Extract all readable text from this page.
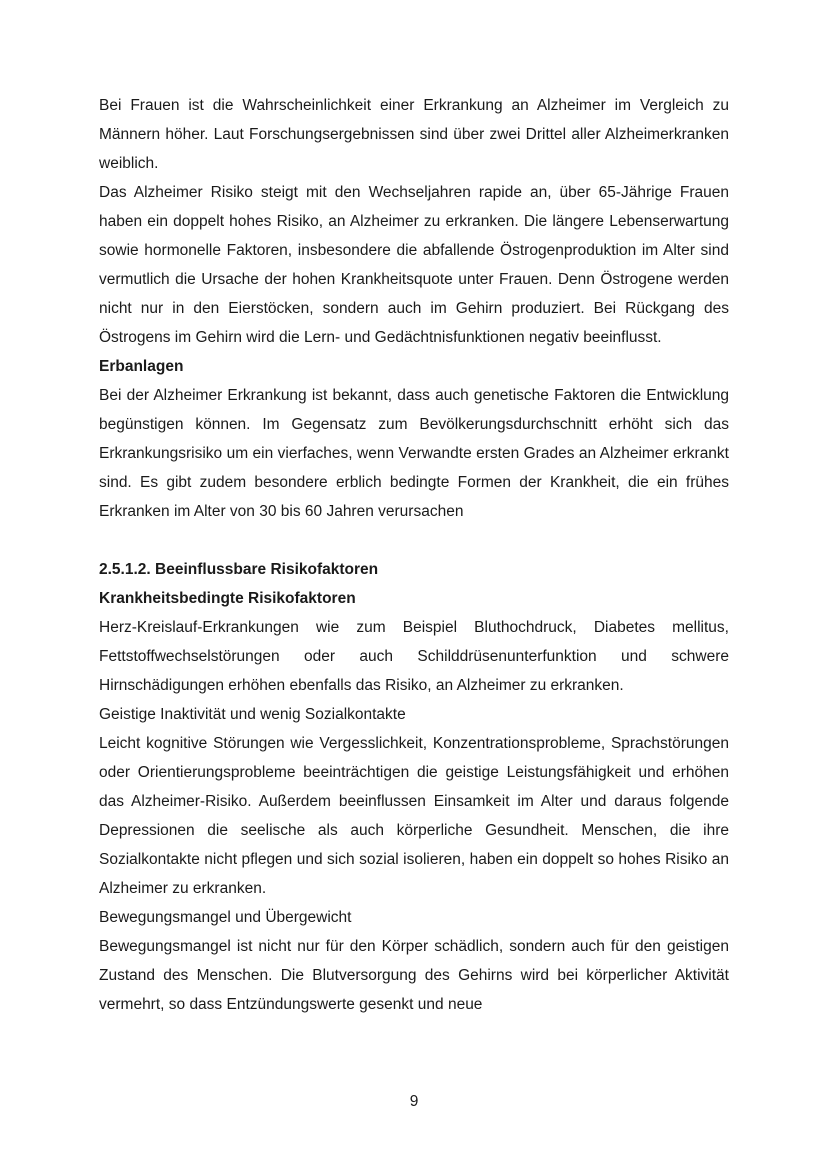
Bei Frauen ist die Wahrscheinlichkeit einer Erkrankung an Alzheimer im Vergleich zu Männern höher. Laut Forschungsergebnissen sind über zwei Drittel aller Alzheimerkranken weiblich.

Das Alzheimer Risiko steigt mit den Wechseljahren rapide an, über 65-Jährige Frauen haben ein doppelt hohes Risiko, an Alzheimer zu erkranken. Die längere Lebenserwartung sowie hormonelle Faktoren, insbesondere die abfallende Östrogenproduktion im Alter sind vermutlich die Ursache der hohen Krankheitsquote unter Frauen. Denn Östrogene werden nicht nur in den Eierstöcken, sondern auch im Gehirn produziert. Bei Rückgang des Östrogens im Gehirn wird die Lern- und Gedächtnisfunktionen negativ beeinflusst.

Erbanlagen

Bei der Alzheimer Erkrankung ist bekannt, dass auch genetische Faktoren die Entwicklung begünstigen können. Im Gegensatz zum Bevölkerungsdurchschnitt erhöht sich das Erkrankungsrisiko um ein vierfaches, wenn Verwandte ersten Grades an Alzheimer erkrankt sind. Es gibt zudem besondere erblich bedingte Formen der Krankheit, die ein frühes Erkranken im Alter von 30 bis 60 Jahren verursachen

2.5.1.2. Beeinflussbare Risikofaktoren

Krankheitsbedingte Risikofaktoren

Herz-Kreislauf-Erkrankungen wie zum Beispiel Bluthochdruck, Diabetes mellitus, Fettstoffwechselstörungen oder auch Schilddrüsenunterfunktion und schwere Hirnschädigungen erhöhen ebenfalls das Risiko, an Alzheimer zu erkranken.

Geistige Inaktivität und wenig Sozialkontakte

Leicht kognitive Störungen wie Vergesslichkeit, Konzentrationsprobleme, Sprachstörungen oder Orientierungsprobleme beeinträchtigen die geistige Leistungsfähigkeit und erhöhen das Alzheimer-Risiko. Außerdem beeinflussen Einsamkeit im Alter und daraus folgende Depressionen die seelische als auch körperliche Gesundheit. Menschen, die ihre Sozialkontakte nicht pflegen und sich sozial isolieren, haben ein doppelt so hohes Risiko an Alzheimer zu erkranken.

Bewegungsmangel und Übergewicht

Bewegungsmangel ist nicht nur für den Körper schädlich, sondern auch für den geistigen Zustand des Menschen. Die Blutversorgung des Gehirns wird bei körperlicher Aktivität vermehrt, so dass Entzündungswerte gesenkt und neue

9
